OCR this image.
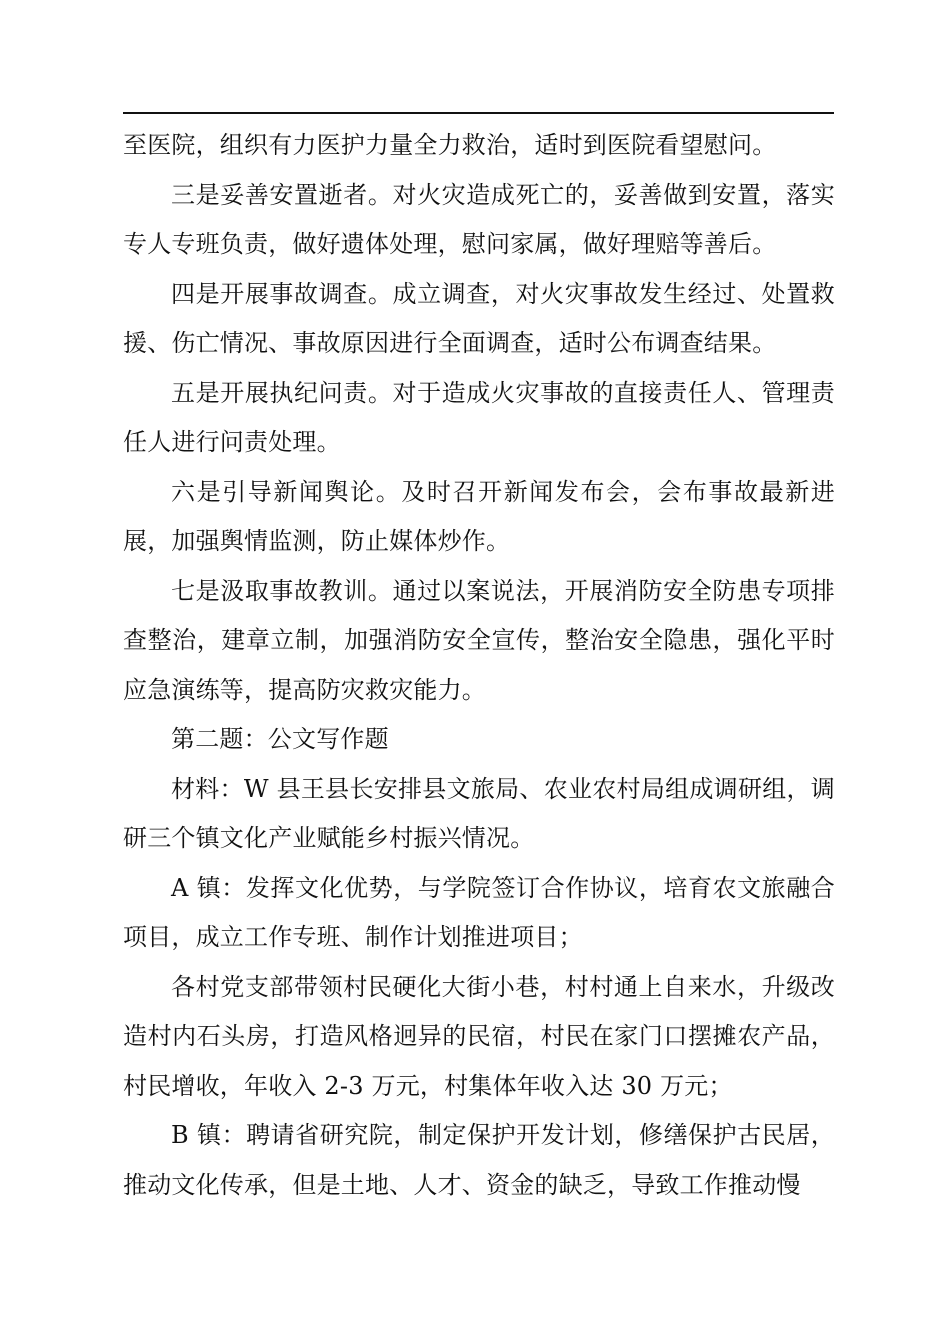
至医院，组织有力医护力量全力救治，适时到医院看望慰问。

三是妥善安置逝者。对火灾造成死亡的，妥善做到安置，落实专人专班负责，做好遗体处理，慰问家属，做好理赔等善后。

四是开展事故调查。成立调查，对火灾事故发生经过、处置救援、伤亡情况、事故原因进行全面调查，适时公布调查结果。

五是开展执纪问责。对于造成火灾事故的直接责任人、管理责任人进行问责处理。

六是引导新闻舆论。及时召开新闻发布会，会布事故最新进展，加强舆情监测，防止媒体炒作。

七是汲取事故教训。通过以案说法，开展消防安全防患专项排查整治，建章立制，加强消防安全宣传，整治安全隐患，强化平时应急演练等，提高防灾救灾能力。

第二题：公文写作题

材料：W 县王县长安排县文旅局、农业农村局组成调研组，调研三个镇文化产业赋能乡村振兴情况。

A 镇：发挥文化优势，与学院签订合作协议，培育农文旅融合项目，成立工作专班、制作计划推进项目；

各村党支部带领村民硬化大街小巷，村村通上自来水，升级改造村内石头房，打造风格迥异的民宿，村民在家门口摆摊农产品，村民增收，年收入 2-3 万元，村集体年收入达 30 万元；

B 镇：聘请省研究院，制定保护开发计划，修缮保护古民居，推动文化传承，但是土地、人才、资金的缺乏，导致工作推动慢
